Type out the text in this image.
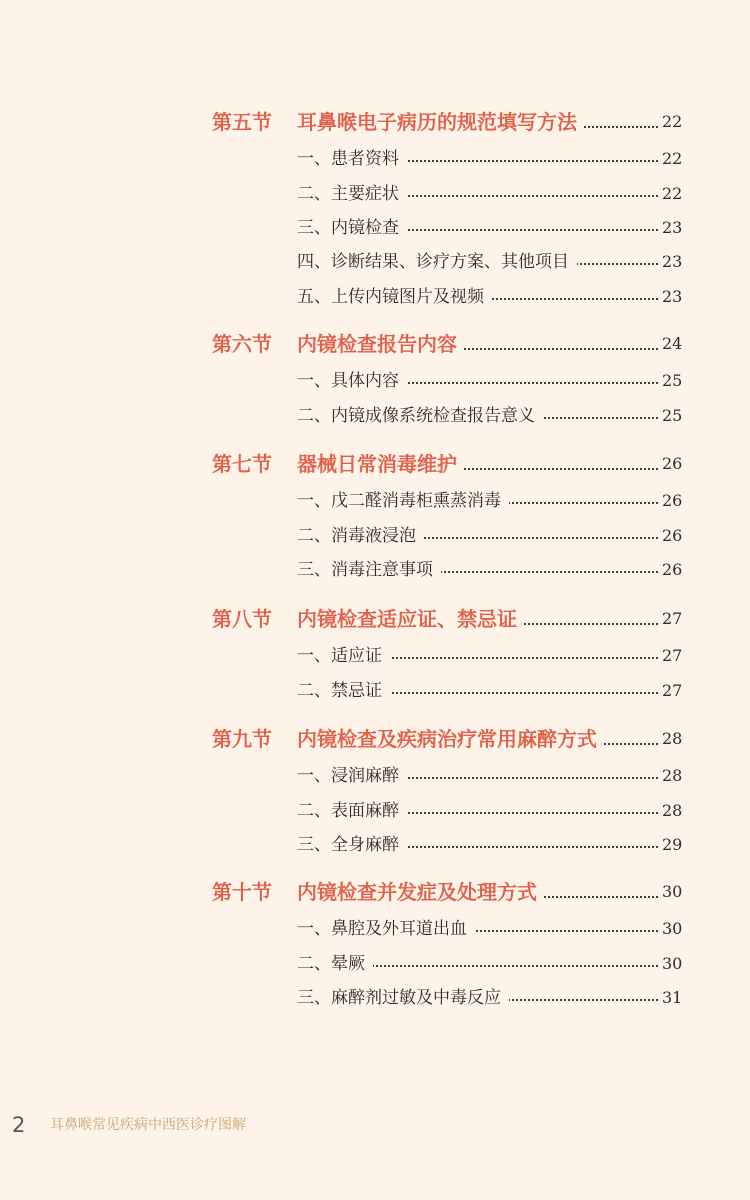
第五节 耳鼻喉电子病历的规范填写方法	22
一、患者资料	22
二、主要症状	22
三、内镜检查	23
四、诊断结果、诊疗方案、其他项目	23
五、上传内镜图片及视频	23
第六节 内镜检查报告内容	24
一、具体内容	25
二、内镜成像系统检查报告意义	25
第七节 器械日常消毒维护	26
一、戊二醛消毒柜熏蒸消毒	26
二、消毒液浸泡	26
三、消毒注意事项	26
第八节 内镜检查适应证、禁忌证	27
一、适应证	27
二、禁忌证	27
第九节 内镜检查及疾病治疗常用麻醉方式	28
一、浸润麻醉	28
二、表面麻醉	28
三、全身麻醉	29
第十节 内镜检查并发症及处理方式	30
一、鼻腔及外耳道出血	30
二、晕厥	30
三、麻醉剂过敏及中毒反应	31
2 耳鼻喉常见疾病中西医诊疗图解
